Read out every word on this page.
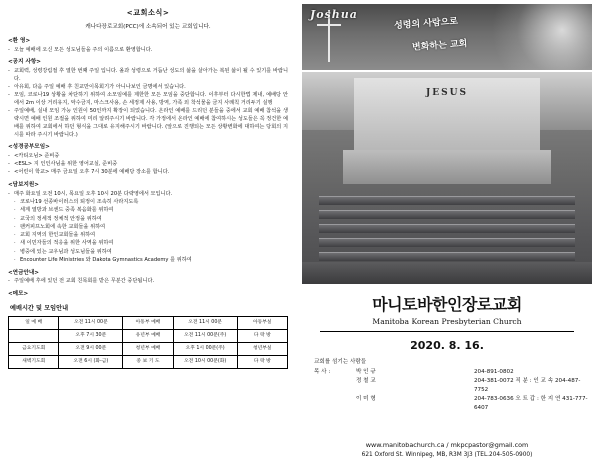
<교회소식>
캐나다장로교회(PCC)에 소속되어 있는 교회입니다.
<환 영>
- 오늘 예배에 오신 모든 성도님들을 주의 이름으로 환영합니다.
<공지 사항>
- 교회력, 성령강림절 후 열한 번째 주일 입니다. 올과 성령으로 거듭난 성도의 삶을 살아가는 복된 삶이 될 수 있기를 바랍니다.
- 아유회, 다음 주일 예배 후 친교만이목회기가 아니나보인 금명에서 있습니다.
- 모임, 코로나19 상황을 차단하기 위하여 소모임예를 제한한 모든 모임을 중단합니다. 이후부터 다시한법 제내, 예배당 안에서 2m 이상 거리유지, 악수금지, 마스크사용, 손 세정제 사용, 방역, 가족 외 착석물을 금지 사례칙 거리두기 실행
- 주일예배, 실내 모임 가능 인원이 50인까지 확장이 되었습니다. 온라인 예배를 드리던 분들을 중에서 교회 예배 참석을 생략시면 예배 인원 조절을 위하여 미리 알려주시기 바랍니다. 각 가정에서 온라인 예배에 참여하시는 성도들은 꼭 정건한 예배를 위하여 교회에서 하던 형식을 그대로 유지해주시기 바랍니다. (앞으로 진행되는 모든 상황변화에 대하여는 당회의 지시를 따라 주시기 바랍니다.)
<성경공부모임>
- <카티오님> 준비중
- <ESL> 지 인인사님을 위한 영어교실, 준비중
- <어린이 학교> 매주 금요일 오후 7시 30분에 예배당 장소를 합니다.
<담보지원>
- 매주 화요일 오전 10시, 목요일 오후 10시 20분 다략영에서 모입니다.
· 코로나19 선종바이러스의 퇴정이 조속히 사라지도록
· 세계 열방과 브센드 중족 복음화를 위하여
· 교국의 정세적 정체적 안정을 위하여
· 팬커피프노회에 속한 교회들을 위하여
· 교회 지역의 한인교회들을 위하여
· 새 이민자들의 적응을 위한 사역을 위하여
· 병중에 있는 교우님과 성도님들을 위하여
· Encounter Life Ministries 와 Dakota Gymnastics Academy 를 위하여
<연금안내>
- 주일예배 후에 있던 전 교회 친목회를 받은 무분간 중단됩니다.
<메모>
예배시간 및 모임안내
일 예 배	오전 11시 00분	아동부 예배	오전 11시 00분	아동부실
	오후 7시 30분	유년부 예배	오전 11시 00분(주)	다 락 방
금요기도회	오전 9시 00분	청년부 예배	오후 1시 00분(주)	청년부실
새벽기도회	오전 6시 (화-금)	중 보 기 도	오전 10시 00분(화)	다 락 방
Joshua
성령의 사람으로
변화하는 교회
JESUS
마니토바한인장로교회
Manitoba Korean Presbyterian Church
2020. 8. 16.
교회를 섬기는 사람들
목 사 :	박 인 규	204-891-0802
정 철 교	204-381-0072 직 분 : 인 교 속 204-487-7752
이 미 형	204-783-0636 오 트 갑 : 한 지 연 431-777-6407
www.manitobachurch.ca / mkpcpastor@gmail.com
621 Oxford St. Winnipeg, MB, R3M 3J3 (TEL.204-505-0900)
